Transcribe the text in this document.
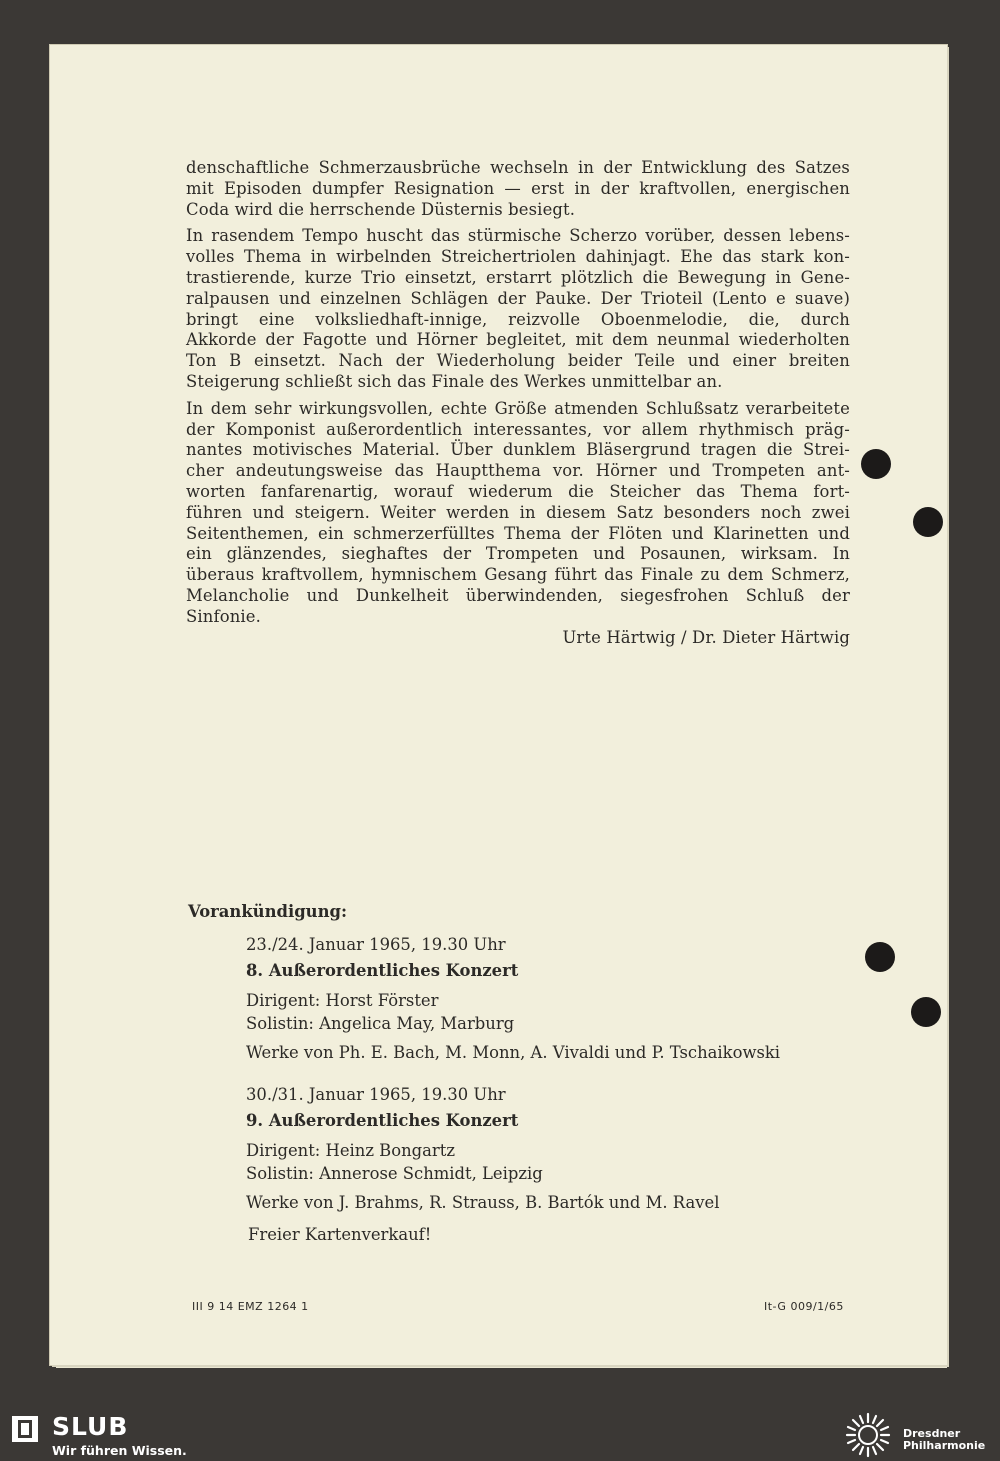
denschaftliche Schmerzausbrüche wechseln in der Entwicklung des Satzes
mit Episoden dumpfer Resignation — erst in der kraftvollen, energischen
Coda wird die herrschende Düsternis besiegt.
In rasendem Tempo huscht das stürmische Scherzo vorüber, dessen lebens-
volles Thema in wirbelnden Streichertriolen dahinjagt. Ehe das stark kon-
trastierende, kurze Trio einsetzt, erstarrt plötzlich die Bewegung in Gene-
ralpausen und einzelnen Schlägen der Pauke. Der Trioteil (Lento e suave)
bringt eine volksliedhaft-innige, reizvolle Oboenmelodie, die, durch
Akkorde der Fagotte und Hörner begleitet, mit dem neunmal wiederholten
Ton B einsetzt. Nach der Wiederholung beider Teile und einer breiten
Steigerung schließt sich das Finale des Werkes unmittelbar an.
In dem sehr wirkungsvollen, echte Größe atmenden Schlußsatz verarbeitete
der Komponist außerordentlich interessantes, vor allem rhythmisch präg-
nantes motivisches Material. Über dunklem Bläsergrund tragen die Strei-
cher andeutungsweise das Hauptthema vor. Hörner und Trompeten ant-
worten fanfarenartig, worauf wiederum die Steicher das Thema fort-
führen und steigern. Weiter werden in diesem Satz besonders noch zwei
Seitenthemen, ein schmerzerfülltes Thema der Flöten und Klarinetten und
ein glänzendes, sieghaftes der Trompeten und Posaunen, wirksam. In
überaus kraftvollem, hymnischem Gesang führt das Finale zu dem Schmerz,
Melancholie und Dunkelheit überwindenden, siegesfrohen Schluß der
Sinfonie.
Urte Härtwig / Dr. Dieter Härtwig
Vorankündigung:
23./24. Januar 1965, 19.30 Uhr
8. Außerordentliches Konzert
Dirigent: Horst Förster
Solistin: Angelica May, Marburg
Werke von Ph. E. Bach, M. Monn, A. Vivaldi und P. Tschaikowski
30./31. Januar 1965, 19.30 Uhr
9. Außerordentliches Konzert
Dirigent: Heinz Bongartz
Solistin: Annerose Schmidt, Leipzig
Werke von J. Brahms, R. Strauss, B. Bartók und M. Ravel
Freier Kartenverkauf!
III 9 14 EMZ 1264 1	It-G 009/1/65
SLUB
Wir führen Wissen.
Dresdner
Philharmonie
